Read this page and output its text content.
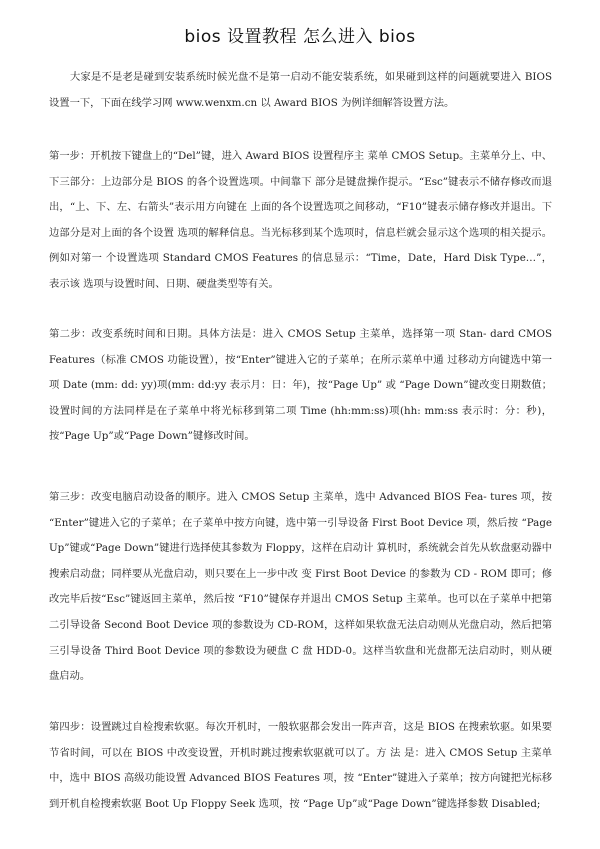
bios 设置教程 怎么进入 bios
大家是不是老是碰到安装系统时候光盘不是第一启动不能安装系统，如果碰到这样的问题就要进入 BIOS 设置一下，下面在线学习网 www.wenxm.cn 以 Award BIOS 为例详细解答设置方法。
第一步：开机按下键盘上的“Del”键，进入 Award BIOS 设置程序主 菜单 CMOS Setup。主菜单分上、中、下三部分：上边部分是 BIOS 的各个设置选项。中间靠下 部分是键盘操作提示。“Esc”键表示不储存修改而退出，“上、下、左、右箭头”表示用方向键在 上面的各个设置选项之间移动，“F10”键表示储存修改并退出。下边部分是对上面的各个设置 选项的解释信息。当光标移到某个选项时，信息栏就会显示这个选项的相关提示。例如对第一 个设置选项 Standard CMOS Features 的信息显示：“Time，Date，Hard Disk Type…”，表示该 选项与设置时间、日期、硬盘类型等有关。
第二步：改变系统时间和日期。具体方法是：进入 CMOS Setup 主菜单，选择第一项 Stan- dard CMOS Features（标准 CMOS 功能设置），按“Enter”键进入它的子菜单；在所示菜单中通 过移动方向键选中第一项 Date (mm: dd: yy)项(mm: dd:yy 表示月：日：年)，按“Page Up” 或 “Page Down”键改变日期数值；设置时间的方法同样是在子菜单中将光标移到第二项 Time (hh:mm:ss)项(hh: mm:ss 表示时：分：秒)，按“Page Up”或“Page Down”键修改时间。
第三步：改变电脑启动设备的顺序。进入 CMOS Setup 主菜单，选中 Advanced BIOS Fea- tures 项，按 “Enter”键进入它的子菜单；在子菜单中按方向键，选中第一引导设备 First Boot Device 项，然后按 “Page Up”键或“Page Down”键进行选择使其参数为 Floppy，这样在启动计 算机时，系统就会首先从软盘驱动器中搜索启动盘；同样要从光盘启动，则只要在上一步中改 变 First Boot Device 的参数为 CD - ROM 即可；修改完毕后按“Esc”键返回主菜单，然后按 “F10”键保存并退出 CMOS Setup 主菜单。也可以在子菜单中把第二引导设备 Second Boot Device 项的参数设为 CD-ROM，这样如果软盘无法启动则从光盘启动，然后把第三引导设备 Third Boot Device 项的参数设为硬盘 C 盘 HDD-0。这样当软盘和光盘都无法启动时，则从硬 盘启动。
第四步：设置跳过自检搜索软驱。每次开机时，一般软驱都会发出一阵声音，这是 BIOS 在搜索软驱。如果要节省时间，可以在 BIOS 中改变设置，开机时跳过搜索软驱就可以了。方 法 是：进入 CMOS Setup 主菜单中，选中 BIOS 高级功能设置 Advanced BIOS Features 项，按 “Enter”键进入子菜单；按方向键把光标移到开机自检搜索软驱 Boot Up Floppy Seek 选项，按 “Page Up”或“Page Down”键选择参数 Disabled;
